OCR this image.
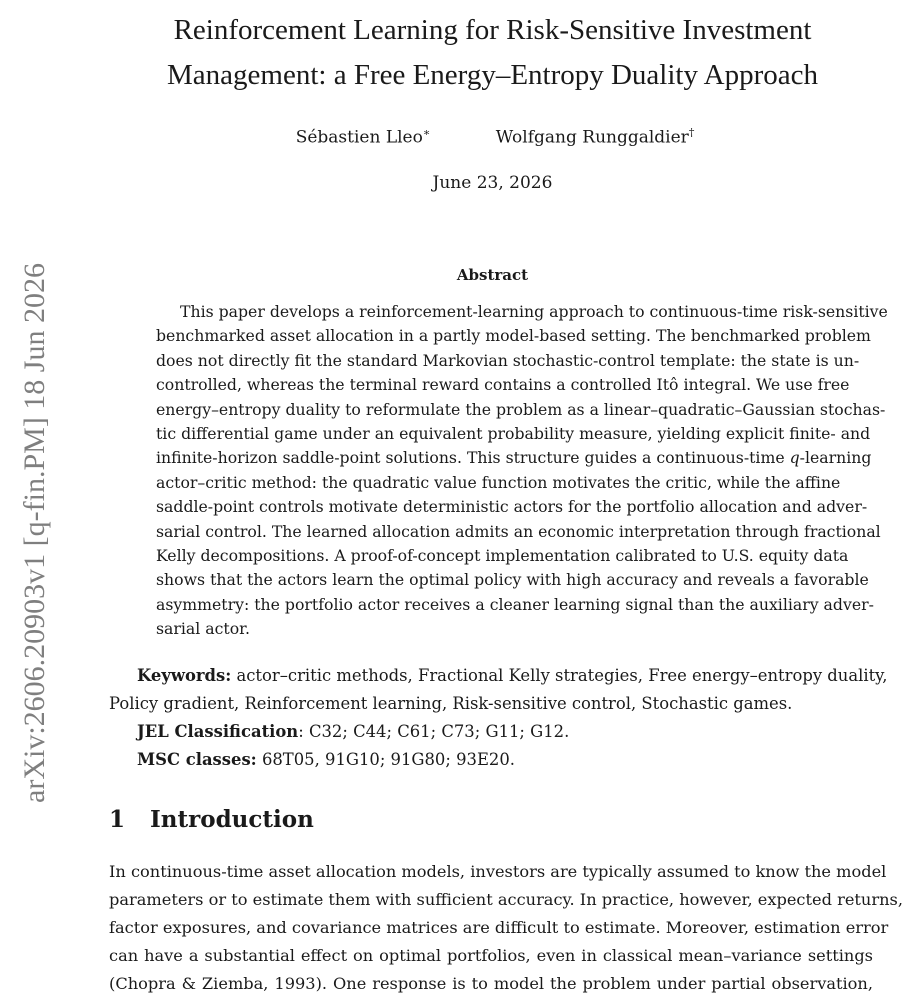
arXiv:2606.20903v1 [q-fin.PM] 18 Jun 2026
Reinforcement Learning for Risk-Sensitive Investment
Management: a Free Energy–Entropy Duality Approach
Sébastien Lleo∗	Wolfgang Runggaldier†
June 23, 2026
Abstract
This paper develops a reinforcement-learning approach to continuous-time risk-sensitive
benchmarked asset allocation in a partly model-based setting. The benchmarked problem
does not directly fit the standard Markovian stochastic-control template: the state is un-
controlled, whereas the terminal reward contains a controlled Itô integral. We use free
energy–entropy duality to reformulate the problem as a linear–quadratic–Gaussian stochas-
tic differential game under an equivalent probability measure, yielding explicit finite- and
infinite-horizon saddle-point solutions. This structure guides a continuous-time q-learning
actor–critic method: the quadratic value function motivates the critic, while the affine
saddle-point controls motivate deterministic actors for the portfolio allocation and adver-
sarial control. The learned allocation admits an economic interpretation through fractional
Kelly decompositions. A proof-of-concept implementation calibrated to U.S. equity data
shows that the actors learn the optimal policy with high accuracy and reveals a favorable
asymmetry: the portfolio actor receives a cleaner learning signal than the auxiliary adver-
sarial actor.
Keywords: actor–critic methods, Fractional Kelly strategies, Free energy–entropy duality,
Policy gradient, Reinforcement learning, Risk-sensitive control, Stochastic games.
JEL Classification: C32; C44; C61; C73; G11; G12.
MSC classes: 68T05, 91G10; 91G80; 93E20.
1 Introduction
In continuous-time asset allocation models, investors are typically assumed to know the model
parameters or to estimate them with sufficient accuracy. In practice, however, expected returns,
factor exposures, and covariance matrices are difficult to estimate. Moreover, estimation error
can have a substantial effect on optimal portfolios, even in classical mean–variance settings
(Chopra & Ziemba, 1993). One response is to model the problem under partial observation,
